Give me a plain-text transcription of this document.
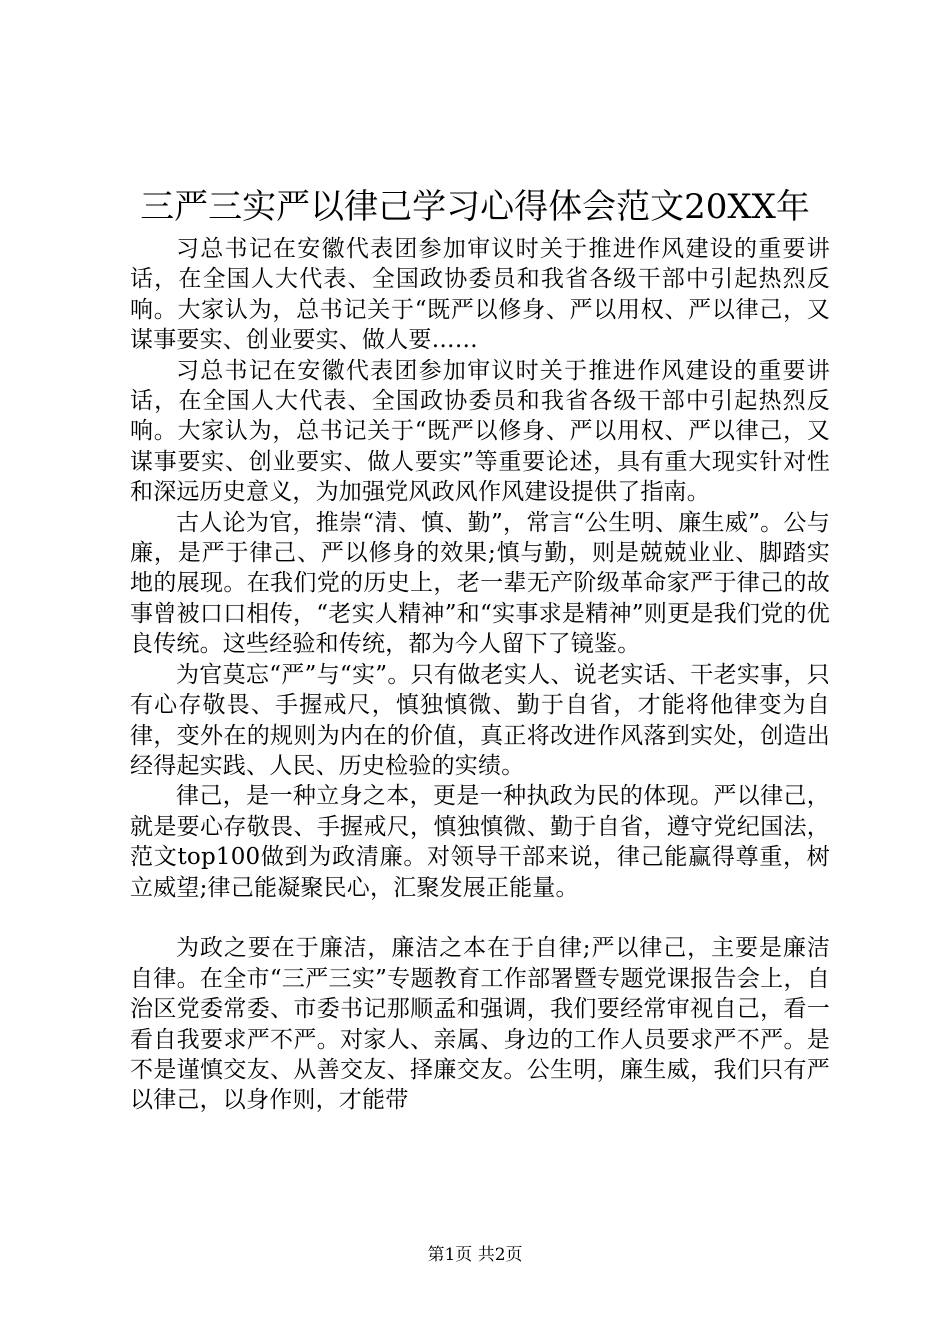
三严三实严以律己学习心得体会范文20XX年

习总书记在安徽代表团参加审议时关于推进作风建设的重要讲话，在全国人大代表、全国政协委员和我省各级干部中引起热烈反响。大家认为，总书记关于“既严以修身、严以用权、严以律己，又谋事要实、创业要实、做人要……

习总书记在安徽代表团参加审议时关于推进作风建设的重要讲话，在全国人大代表、全国政协委员和我省各级干部中引起热烈反响。大家认为，总书记关于“既严以修身、严以用权、严以律己，又谋事要实、创业要实、做人要实”等重要论述，具有重大现实针对性和深远历史意义，为加强党风政风作风建设提供了指南。

古人论为官，推崇“清、慎、勤”，常言“公生明、廉生威”。公与廉，是严于律己、严以修身的效果;慎与勤，则是兢兢业业、脚踏实地的展现。在我们党的历史上，老一辈无产阶级革命家严于律己的故事曾被口口相传，“老实人精神”和“实事求是精神”则更是我们党的优良传统。这些经验和传统，都为今人留下了镜鉴。

为官莫忘“严”与“实”。只有做老实人、说老实话、干老实事，只有心存敬畏、手握戒尺，慎独慎微、勤于自省，才能将他律变为自律，变外在的规则为内在的价值，真正将改进作风落到实处，创造出经得起实践、人民、历史检验的实绩。

律己，是一种立身之本，更是一种执政为民的体现。严以律己，就是要心存敬畏、手握戒尺，慎独慎微、勤于自省，遵守党纪国法，范文top100做到为政清廉。对领导干部来说，律己能赢得尊重，树立威望;律己能凝聚民心，汇聚发展正能量。

为政之要在于廉洁，廉洁之本在于自律;严以律己，主要是廉洁自律。在全市“三严三实”专题教育工作部署暨专题党课报告会上，自治区党委常委、市委书记那顺孟和强调，我们要经常审视自己，看一看自我要求严不严。对家人、亲属、身边的工作人员要求严不严。是不是谨慎交友、从善交友、择廉交友。公生明，廉生威，我们只有严以律己，以身作则，才能带

第1页 共2页
